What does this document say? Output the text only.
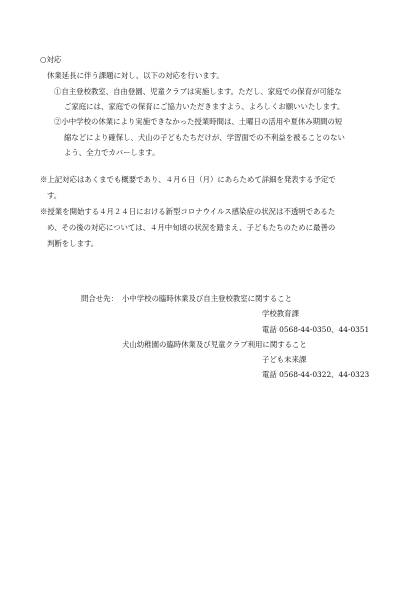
○対応
休業延長に伴う課題に対し、以下の対応を行います。
①自主登校教室、自由登園、児童クラブは実施します。ただし、家庭での保育が可能な
ご家庭には、家庭での保育にご協力いただきますよう、よろしくお願いいたします。
②小中学校の休業により実施できなかった授業時間は、土曜日の活用や夏休み期間の短
縮などにより確保し、犬山の子どもたちだけが、学習面での不利益を被ることのない
よう、全力でカバーします。
※上記対応はあくまでも概要であり、４月６日（月）にあらためて詳細を発表する予定で
す。
※授業を開始する４月２４日における新型コロナウイルス感染症の状況は不透明であるた
め、その後の対応については、４月中旬頃の状況を踏まえ、子どもたちのために最善の
判断をします。
問合せ先： 小中学校の臨時休業及び自主登校教室に関すること
学校教育課
電話 0568-44-0350、44-0351
犬山幼稚園の臨時休業及び児童クラブ利用に関すること
子ども未来課
電話 0568-44-0322、44-0323
